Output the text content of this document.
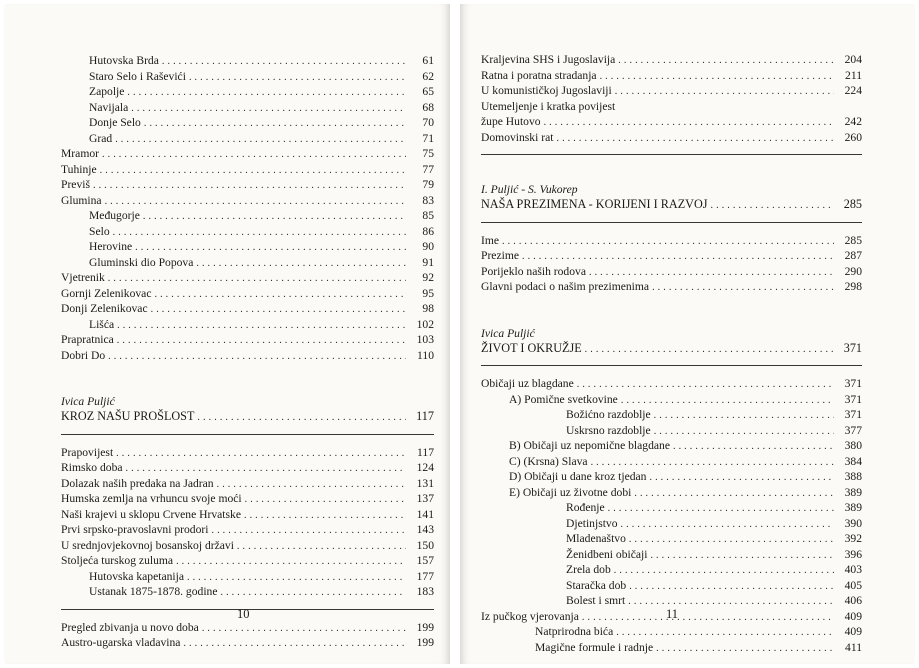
Hutovska Brda .....	61
Staro Selo i Raševići .....	62
Zapolje .....	65
Navijala .....	68
Donje Selo .....	70
Grad .....	71
Mramor .....	75
Tuhinje .....	77
Previš .....	79
Glumina .....	83
Međugorje .....	85
Selo .....	86
Herovine .....	90
Gluminski dio Popova .....	91
Vjetrenik .....	92
Gornji Zelenikovac .....	95
Donji Zelenikovac .....	98
Lišća .....	102
Prapratnica .....	103
Dobri Do .....	110
Ivica Puljić
KROZ NAŠU PROŠLOST .....	117
Prapovijest .....	117
Rimsko doba .....	124
Dolazak naših predaka na Jadran .....	131
Humska zemlja na vrhuncu svoje moći .....	137
Naši krajevi u sklopu Crvene Hrvatske .....	141
Prvi srpsko-pravoslavni prodori .....	143
U srednjovjekovnoj bosanskoj državi .....	150
Stoljeća turskog zuluma .....	157
Hutovska kapetanija .....	177
Ustanak 1875-1878. godine .....	183
Pregled zbivanja u novo doba .....	199
Austro-ugarska vladavina .....	199
10
Kraljevina SHS i Jugoslavija .....	204
Ratna i poratna stradanja .....	211
U komunističkoj Jugoslaviji .....	224
Utemeljenje i kratka povijest
župe Hutovo .....	242
Domovinski rat .....	260
I. Puljić - S. Vukorep
NAŠA PREZIMENA - KORIJENI I RAZVOJ .....	285
Ime .....	285
Prezime .....	287
Porijeklo naših rodova .....	290
Glavni podaci o našim prezimenima .....	298
Ivica Puljić
ŽIVOT I OKRUŽJE .....	371
Običaji uz blagdane .....	371
A) Pomične svetkovine .....	371
Božićno razdoblje .....	371
Uskrsno razdoblje .....	377
B) Običaji uz nepomične blagdane .....	380
C) (Krsna) Slava .....	384
D) Običaji u dane kroz tjedan .....	388
E) Običaji uz životne dobi .....	389
Rođenje .....	389
Djetinjstvo .....	390
Mladenaštvo .....	392
Ženidbeni običaji .....	396
Zrela dob .....	403
Staračka dob .....	405
Bolest i smrt .....	406
Iz pučkog vjerovanja .....	409
Natprirodna bića .....	409
Magične formule i radnje .....	411
11
